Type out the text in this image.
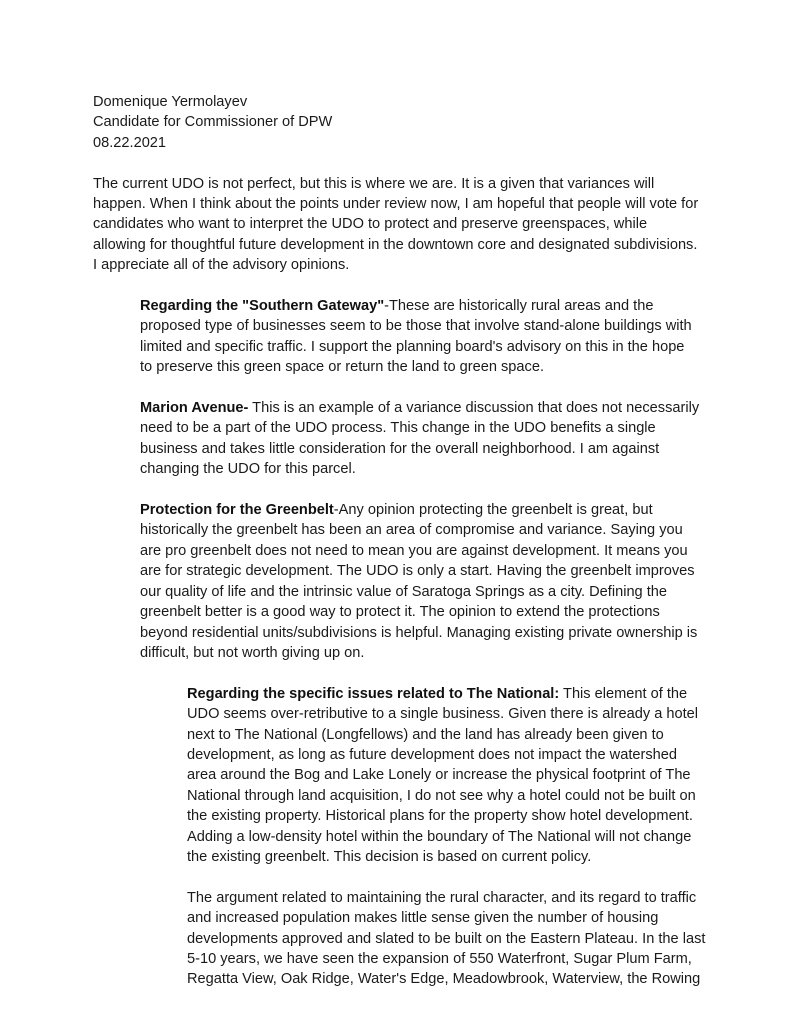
Domenique Yermolayev
Candidate for Commissioner of DPW
08.22.2021

The current UDO is not perfect, but this is where we are. It is a given that variances will happen. When I think about the points under review now, I am hopeful that people will vote for candidates who want to interpret the UDO to protect and preserve greenspaces, while allowing for thoughtful future development in the downtown core and designated subdivisions. I appreciate all of the advisory opinions.

Regarding the "Southern Gateway"-These are historically rural areas and the proposed type of businesses seem to be those that involve stand-alone buildings with limited and specific traffic. I support the planning board's advisory on this in the hope to preserve this green space or return the land to green space.

Marion Avenue- This is an example of a variance discussion that does not necessarily need to be a part of the UDO process. This change in the UDO benefits a single business and takes little consideration for the overall neighborhood. I am against changing the UDO for this parcel.

Protection for the Greenbelt-Any opinion protecting the greenbelt is great, but historically the greenbelt has been an area of compromise and variance. Saying you are pro greenbelt does not need to mean you are against development. It means you are for strategic development. The UDO is only a start. Having the greenbelt improves our quality of life and the intrinsic value of Saratoga Springs as a city. Defining the greenbelt better is a good way to protect it. The opinion to extend the protections beyond residential units/subdivisions is helpful. Managing existing private ownership is difficult, but not worth giving up on.

Regarding the specific issues related to The National: This element of the UDO seems over-retributive to a single business. Given there is already a hotel next to The National (Longfellows) and the land has already been given to development, as long as future development does not impact the watershed area around the Bog and Lake Lonely or increase the physical footprint of The National through land acquisition, I do not see why a hotel could not be built on the existing property. Historical plans for the property show hotel development. Adding a low-density hotel within the boundary of The National will not change the existing greenbelt. This decision is based on current policy.

The argument related to maintaining the rural character, and its regard to traffic and increased population makes little sense given the number of housing developments approved and slated to be built on the Eastern Plateau. In the last 5-10 years, we have seen the expansion of 550 Waterfront, Sugar Plum Farm, Regatta View, Oak Ridge, Water's Edge, Meadowbrook, Waterview, the Rowing
